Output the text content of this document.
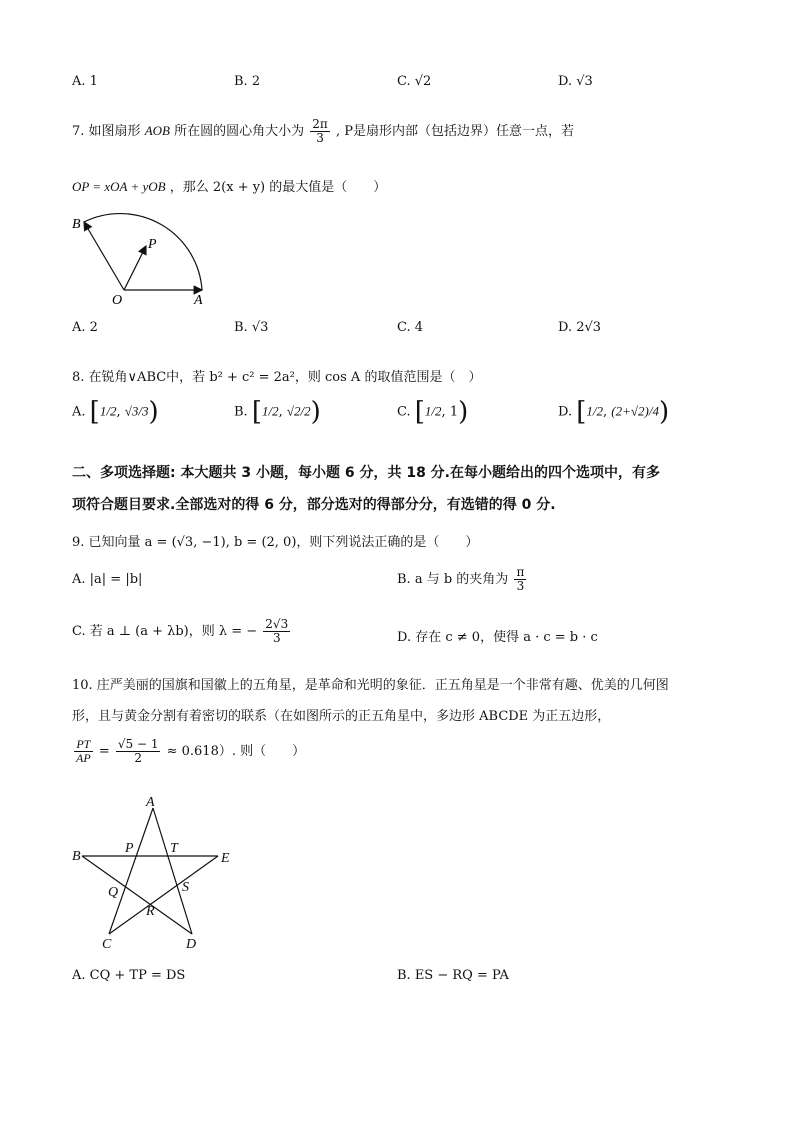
A. 1	B. 2	C. √2	D. √3
7. 如图扇形 AOB 所在圆的圆心角大小为 $\frac{2\pi}{3}$ , P是扇形内部（包括边界）任意一点，若
OP = xOA + yOB ，那么 2(x + y) 的最大值是（　　）
B
P
O	A
A. 2	B. √3	C. 4	D. 2√3
8. 在锐角∨ABC中，若 b² + c² = 2a²，则 cos A 的取值范围是（　）
A. [1/2, √3/3)	B. [1/2, √2/2)	C. [1/2, 1)	D. [1/2, (2+√2)/4)
二、多项选择题: 本大题共 3 小题，每小题 6 分，共 18 分.在每小题给出的四个选项中，有多
项符合题目要求.全部选对的得 6 分，部分选对的得部分分，有选错的得 0 分.
9. 已知向量 a = (√3, −1), b = (2, 0)，则下列说法正确的是（　　）
A. |a| = |b|	B. a 与 b 的夹角为 $\frac{\pi}{3}$
C. 若 a ⊥ (a + λb)，则 λ = − $\frac{2√3}{3}$	D. 存在 c ≠ 0，使得 a · c = b · c
10. 庄严美丽的国旗和国徽上的五角星，是革命和光明的象征．正五角星是一个非常有趣、优美的几何图
形，且与黄金分割有着密切的联系（在如图所示的正五角星中，多边形 ABCDE 为正五边形，
$\frac{PT}{AP} = \frac{√5 - 1}{2} \approx 0.618$）. 则（　　）
A
B
C	D
E
P	T
Q	S
R
A. CQ + TP = DS	B. ES − RQ = PA
